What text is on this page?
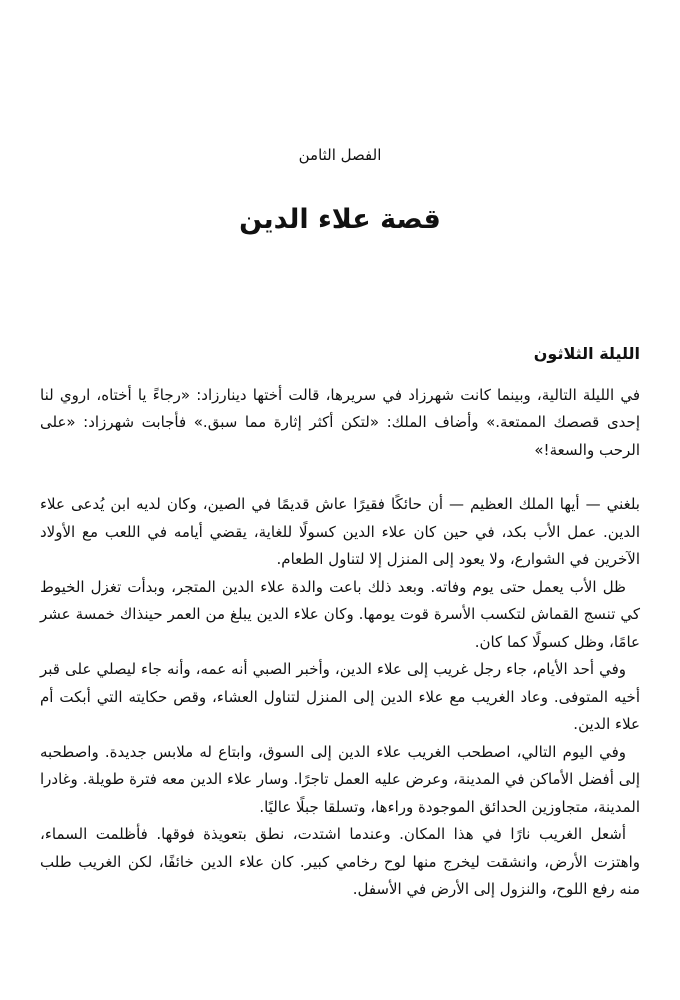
الفصل الثامن
قصة علاء الدين
الليلة الثلاثون

في الليلة التالية، وبينما كانت شهرزاد في سريرها، قالت أختها دينارزاد: «رجاءً يا أختاه، اروي لنا إحدى قصصك الممتعة.» وأضاف الملك: «لتكن أكثر إثارة مما سبق.» فأجابت شهرزاد: «على الرحب والسعة!»

بلغني — أيها الملك العظيم — أن حائكًا فقيرًا عاش قديمًا في الصين، وكان لديه ابن يُدعى علاء الدين. عمل الأب بكد، في حين كان علاء الدين كسولًا للغاية، يقضي أيامه في اللعب مع الأولاد الآخرين في الشوارع، ولا يعود إلى المنزل إلا لتناول الطعام.

ظل الأب يعمل حتى يوم وفاته. وبعد ذلك باعت والدة علاء الدين المتجر، وبدأت تغزل الخيوط كي تنسج القماش لتكسب الأسرة قوت يومها. وكان علاء الدين يبلغ من العمر حينذاك خمسة عشر عامًا، وظل كسولًا كما كان.

وفي أحد الأيام، جاء رجل غريب إلى علاء الدين، وأخبر الصبي أنه عمه، وأنه جاء ليصلي على قبر أخيه المتوفى. وعاد الغريب مع علاء الدين إلى المنزل لتناول العشاء، وقص حكايته التي أبكت أم علاء الدين.

وفي اليوم التالي، اصطحب الغريب علاء الدين إلى السوق، وابتاع له ملابس جديدة. واصطحبه إلى أفضل الأماكن في المدينة، وعرض عليه العمل تاجرًا. وسار علاء الدين معه فترة طويلة. وغادرا المدينة، متجاوزين الحدائق الموجودة وراءها، وتسلقا جبلًا عاليًا.

أشعل الغريب نارًا في هذا المكان. وعندما اشتدت، نطق بتعويذة فوقها. فأظلمت السماء، واهتزت الأرض، وانشقت ليخرج منها لوح رخامي كبير. كان علاء الدين خائفًا، لكن الغريب طلب منه رفع اللوح، والنزول إلى الأرض في الأسفل.
